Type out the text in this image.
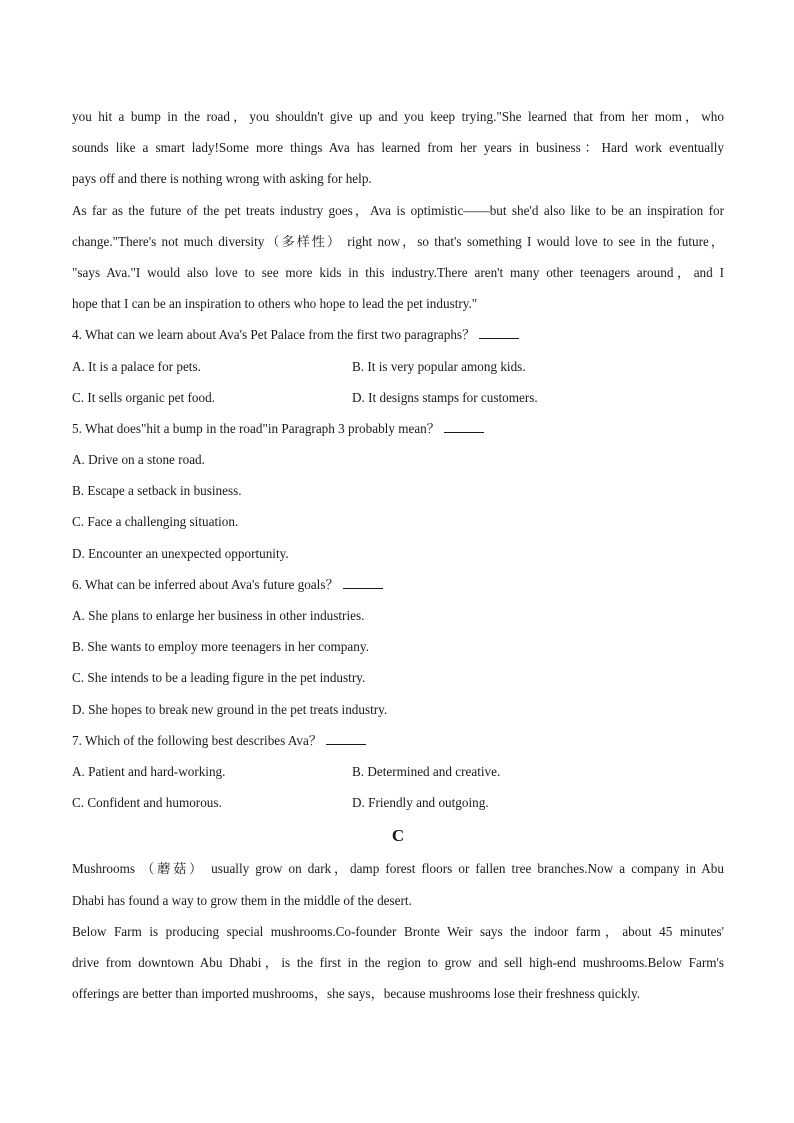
you hit a bump in the road，you shouldn't give up and you keep trying."She learned that from her mom，who
sounds like a smart lady!Some more things Ava has learned from her years in business：Hard work eventually
pays off and there is nothing wrong with asking for help.
As far as the future of the pet treats industry goes，Ava is optimistic——but she'd also like to be an inspiration for
change."There's not much diversity（多样性） right now，so that's something I would love to see in the future，
"says Ava."I would also love to see more kids in this industry.There aren't many other teenagers around，and I
hope that I can be an inspiration to others who hope to lead the pet industry."
4. What can we learn about Ava's Pet Palace from the first two paragraphs？
A. It is a palace for pets.	B. It is very popular among kids.
C. It sells organic pet food.	D. It designs stamps for customers.
5. What does"hit a bump in the road"in Paragraph 3 probably mean？
A. Drive on a stone road.
B. Escape a setback in business.
C. Face a challenging situation.
D. Encounter an unexpected opportunity.
6. What can be inferred about Ava's future goals？
A. She plans to enlarge her business in other industries.
B. She wants to employ more teenagers in her company.
C. She intends to be a leading figure in the pet industry.
D. She hopes to break new ground in the pet treats industry.
7. Which of the following best describes Ava？
A. Patient and hard-working.	B. Determined and creative.
C. Confident and humorous.	D. Friendly and outgoing.
C
Mushrooms （蘑菇） usually grow on dark，damp forest floors or fallen tree branches.Now a company in Abu
Dhabi has found a way to grow them in the middle of the desert.
Below Farm is producing special mushrooms.Co-founder Bronte Weir says the indoor farm，about 45 minutes'
drive from downtown Abu Dhabi，is the first in the region to grow and sell high-end mushrooms.Below Farm's
offerings are better than imported mushrooms，she says，because mushrooms lose their freshness quickly.
